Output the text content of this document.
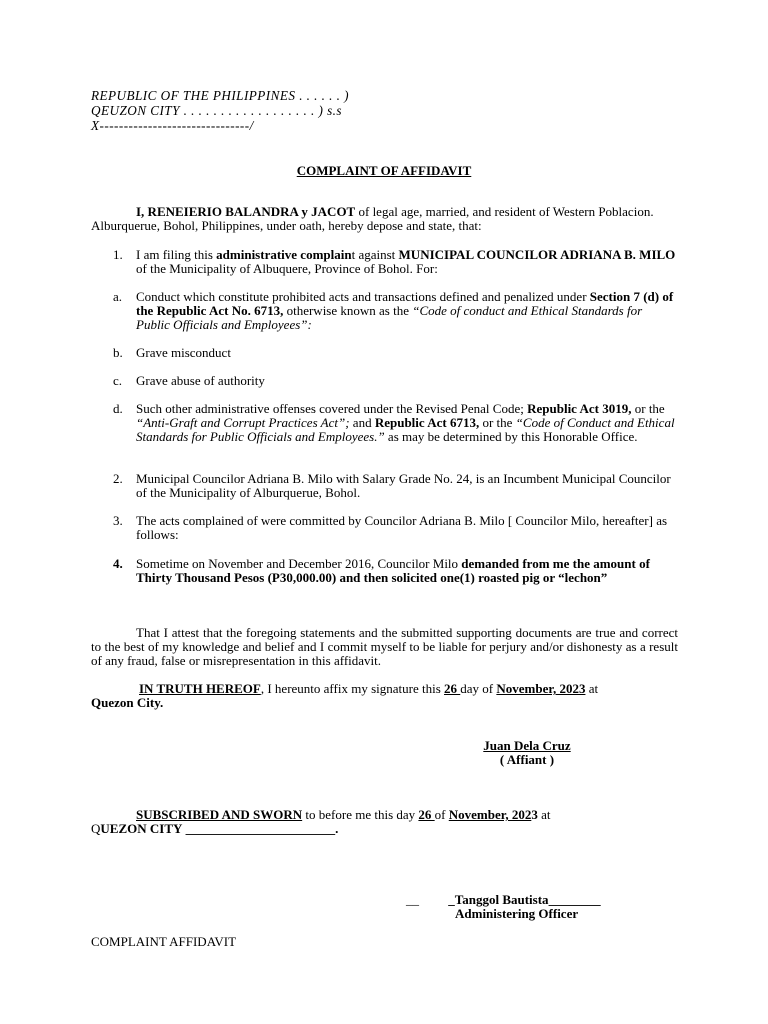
REPUBLIC OF THE PHILIPPINES . . . . . . )
QEUZON CITY . . . . . . . . . . . . . . . . . . ) s.s
X-------------------------------/
COMPLAINT OF AFFIDAVIT

I, RENEIERIO BALANDRA y JACOT of legal age, married, and resident of Western Poblacion. Alburquerue, Bohol, Philippines, under oath, hereby depose and state, that:

1.	I am filing this administrative complaint against MUNICIPAL COUNCILOR ADRIANA B. MILO of the Municipality of Albuquere, Province of Bohol. For:
a.	Conduct which constitute prohibited acts and transactions defined and penalized under Section 7 (d) of the Republic Act No. 6713, otherwise known as the “Code of conduct and Ethical Standards for Public Officials and Employees”:
b.	Grave misconduct
c.	Grave abuse of authority
d.	Such other administrative offenses covered under the Revised Penal Code; Republic Act 3019, or the “Anti-Graft and Corrupt Practices Act”; and Republic Act 6713, or the “Code of Conduct and Ethical Standards for Public Officials and Employees.” as may be determined by this Honorable Office.
2.	Municipal Councilor Adriana B. Milo with Salary Grade No. 24, is an Incumbent Municipal Councilor of the Municipality of Alburquerue, Bohol.
3.	The acts complained of were committed by Councilor Adriana B. Milo [ Councilor Milo, hereafter] as follows:
4.	Sometime on November and December 2016, Councilor Milo demanded from me the amount of Thirty Thousand Pesos (P30,000.00) and then solicited one(1) roasted pig or “lechon”

That I attest that the foregoing statements and the submitted supporting documents are true and correct to the best of my knowledge and belief and I commit myself to be liable for perjury and/or dishonesty as a result of any fraud, false or misrepresentation in this affidavit.

IN TRUTH HEREOF, I hereunto affix my signature this 26 day of November, 2023 at
Quezon City.

Juan Dela Cruz
( Affiant )

SUBSCRIBED AND SWORN to before me this day 26 of November, 2023 at
QUEZON CITY _______________________.

__         _Tanggol Bautista________
Administering Officer
COMPLAINT AFFIDAVIT
